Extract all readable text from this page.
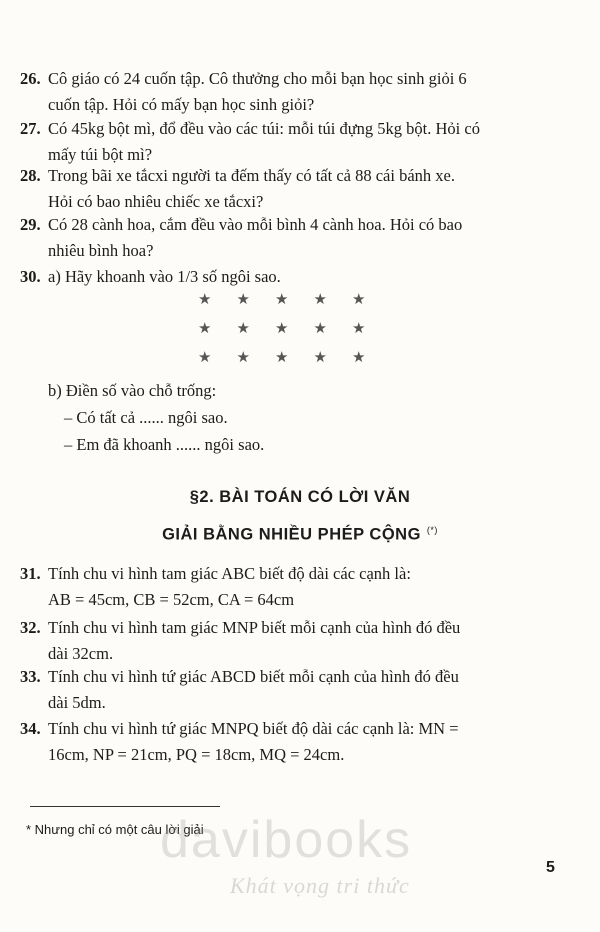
26. Cô giáo có 24 cuốn tập. Cô thưởng cho mỗi bạn học sinh giỏi 6
cuốn tập. Hỏi có mấy bạn học sinh giỏi?
27. Có 45kg bột mì, đổ đều vào các túi: mỗi túi đựng 5kg bột. Hỏi có
mấy túi bột mì?
28. Trong bãi xe tắcxi người ta đếm thấy có tất cả 88 cái bánh xe.
Hỏi có bao nhiêu chiếc xe tắcxi?
29. Có 28 cành hoa, cắm đều vào mỗi bình 4 cành hoa. Hỏi có bao
nhiêu bình hoa?
30. a) Hãy khoanh vào 1/3 số ngôi sao.
★ ★ ★ ★ ★
★ ★ ★ ★ ★
★ ★ ★ ★ ★
b) Điền số vào chỗ trống:
– Có tất cả ...... ngôi sao.
– Em đã khoanh ...... ngôi sao.
§2. BÀI TOÁN CÓ LỜI VĂN
GIẢI BẰNG NHIỀU PHÉP CỘNG (*)
31. Tính chu vi hình tam giác ABC biết độ dài các cạnh là:
AB = 45cm, CB = 52cm, CA = 64cm
32. Tính chu vi hình tam giác MNP biết mỗi cạnh của hình đó đều
dài 32cm.
33. Tính chu vi hình tứ giác ABCD biết mỗi cạnh của hình đó đều
dài 5dm.
34. Tính chu vi hình tứ giác MNPQ biết độ dài các cạnh là: MN =
16cm, NP = 21cm, PQ = 18cm, MQ = 24cm.
* Nhưng chỉ có một câu lời giải
davibooks
Khát vọng tri thức
5
